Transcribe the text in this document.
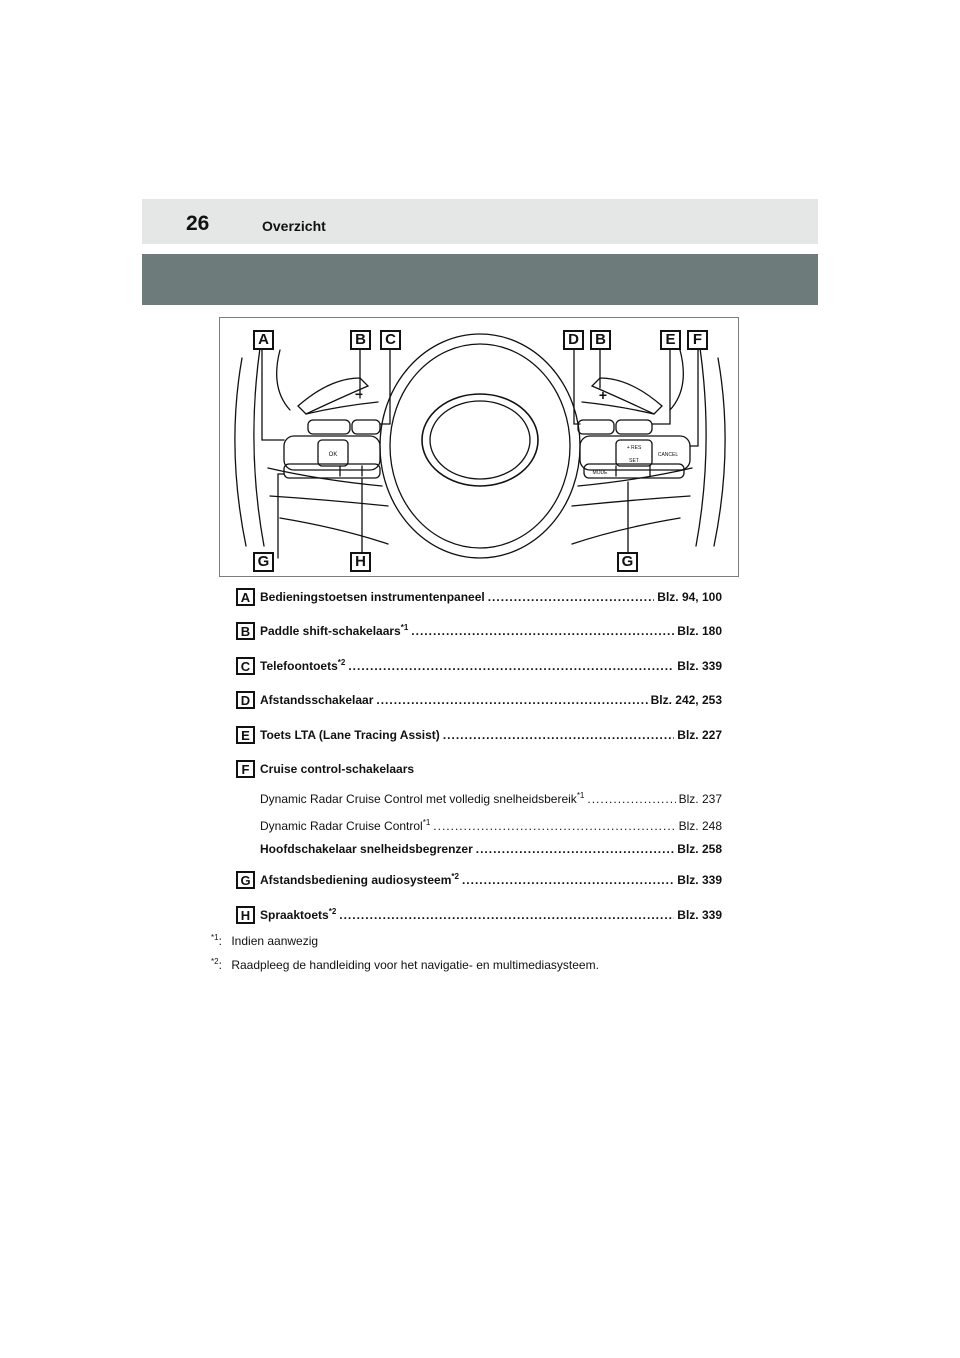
26	Overzicht
−	+
OK
+ RES
SET
CANCEL
MODE
A	B	C	D	B	E	F
G	H	G
A Bedieningstoetsen instrumentenpaneel .....	Blz. 94, 100
B Paddle shift-schakelaars$^{*1}$ .....	Blz. 180
C Telefoontoets$^{*2}$ .....	Blz. 339
D Afstandsschakelaar .....	Blz. 242, 253
E Toets LTA (Lane Tracing Assist) .....	Blz. 227
F Cruise control-schakelaars
Dynamic Radar Cruise Control met volledig snelheidsbereik$^{*1}$ .....	Blz. 237
Dynamic Radar Cruise Control$^{*1}$ .....	Blz. 248
Hoofdschakelaar snelheidsbegrenzer .....	Blz. 258
G Afstandsbediening audiosysteem$^{*2}$ .....	Blz. 339
H Spraaktoets$^{*2}$ .....	Blz. 339
$^{*1}$: Indien aanwezig
$^{*2}$: Raadpleeg de handleiding voor het navigatie- en multimediasysteem.
